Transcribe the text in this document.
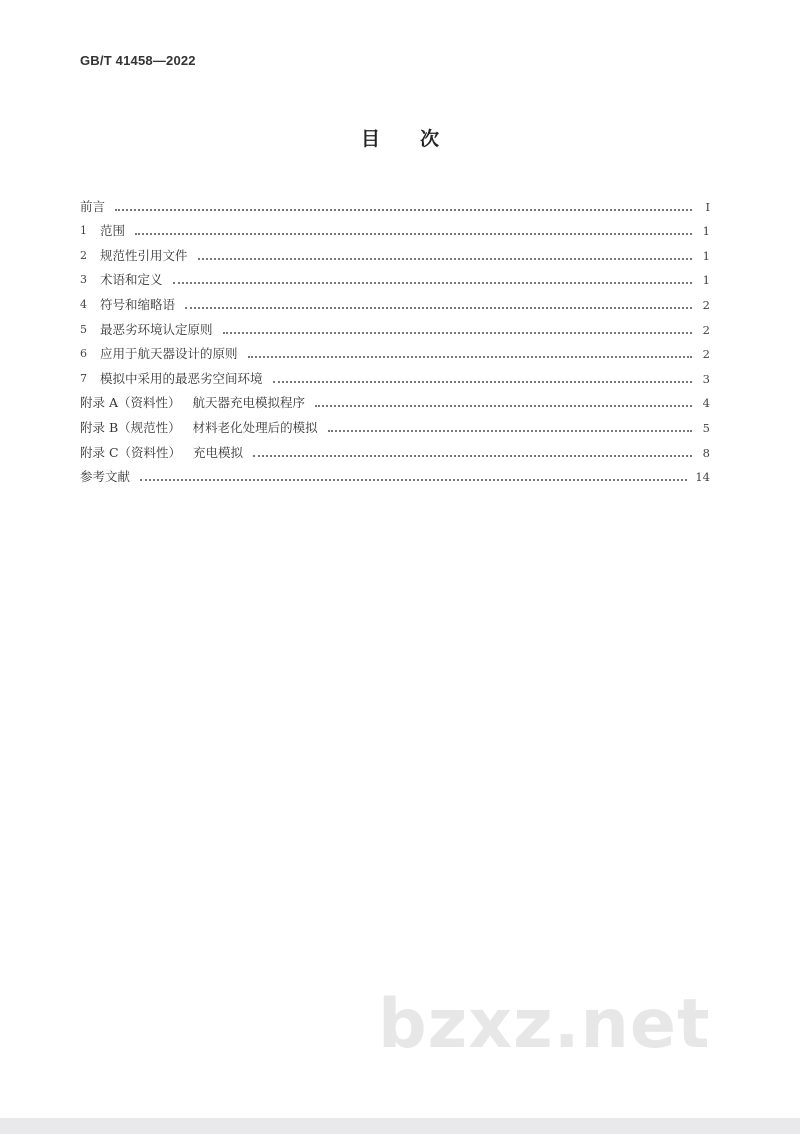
GB/T 41458—2022
目 次
前言	Ⅰ
1	范围	1
2	规范性引用文件	1
3	术语和定义	1
4	符号和缩略语	2
5	最恶劣环境认定原则	2
6	应用于航天器设计的原则	2
7	模拟中采用的最恶劣空间环境	3
附录 A（资料性） 航天器充电模拟程序	4
附录 B（规范性） 材料老化处理后的模拟	5
附录 C（资料性） 充电模拟	8
参考文献	14
bzxz.net
